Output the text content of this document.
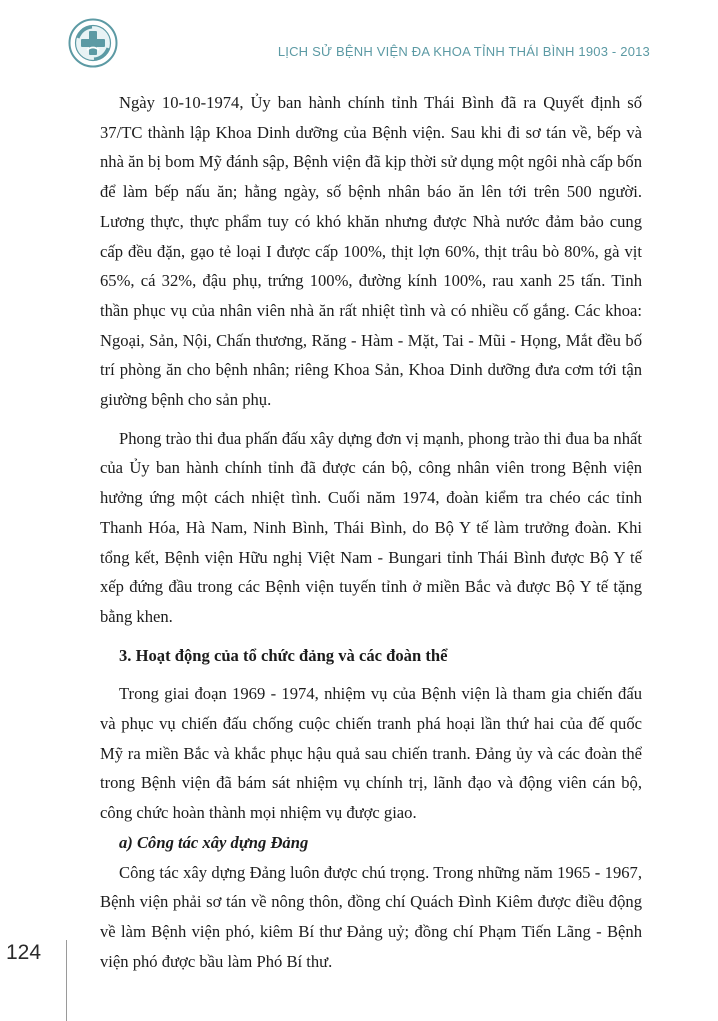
LỊCH SỬ BỆNH VIỆN ĐA KHOA TỈNH THÁI BÌNH 1903 - 2013

Ngày 10-10-1974, Ủy ban hành chính tỉnh Thái Bình đã ra Quyết định số 37/TC thành lập Khoa Dinh dưỡng của Bệnh viện. Sau khi đi sơ tán về, bếp và nhà ăn bị bom Mỹ đánh sập, Bệnh viện đã kịp thời sử dụng một ngôi nhà cấp bốn để làm bếp nấu ăn; hằng ngày, số bệnh nhân báo ăn lên tới trên 500 người. Lương thực, thực phẩm tuy có khó khăn nhưng được Nhà nước đảm bảo cung cấp đều đặn, gạo tẻ loại I được cấp 100%, thịt lợn 60%, thịt trâu bò 80%, gà vịt 65%, cá 32%, đậu phụ, trứng 100%, đường kính 100%, rau xanh 25 tấn. Tinh thần phục vụ của nhân viên nhà ăn rất nhiệt tình và có nhiều cố gắng. Các khoa: Ngoại, Sản, Nội, Chấn thương, Răng - Hàm - Mặt, Tai - Mũi - Họng, Mắt đều bố trí phòng ăn cho bệnh nhân; riêng Khoa Sản, Khoa Dinh dưỡng đưa cơm tới tận giường bệnh cho sản phụ.

Phong trào thi đua phấn đấu xây dựng đơn vị mạnh, phong trào thi đua ba nhất của Ủy ban hành chính tỉnh đã được cán bộ, công nhân viên trong Bệnh viện hưởng ứng một cách nhiệt tình. Cuối năm 1974, đoàn kiểm tra chéo các tỉnh Thanh Hóa, Hà Nam, Ninh Bình, Thái Bình, do Bộ Y tế làm trưởng đoàn. Khi tổng kết, Bệnh viện Hữu nghị Việt Nam - Bungari tỉnh Thái Bình được Bộ Y tế xếp đứng đầu trong các Bệnh viện tuyến tỉnh ở miền Bắc và được Bộ Y tế tặng bằng khen.

3. Hoạt động của tổ chức đảng và các đoàn thể

Trong giai đoạn 1969 - 1974, nhiệm vụ của Bệnh viện là tham gia chiến đấu và phục vụ chiến đấu chống cuộc chiến tranh phá hoại lần thứ hai của đế quốc Mỹ ra miền Bắc và khắc phục hậu quả sau chiến tranh. Đảng ủy và các đoàn thể trong Bệnh viện đã bám sát nhiệm vụ chính trị, lãnh đạo và động viên cán bộ, công chức hoàn thành mọi nhiệm vụ được giao.

a) Công tác xây dựng Đảng

Công tác xây dựng Đảng luôn được chú trọng. Trong những năm 1965 - 1967, Bệnh viện phải sơ tán về nông thôn, đồng chí Quách Đình Kiêm được điều động về làm Bệnh viện phó, kiêm Bí thư Đảng uỷ; đồng chí Phạm Tiến Lãng - Bệnh viện phó được bầu làm Phó Bí thư.

124
